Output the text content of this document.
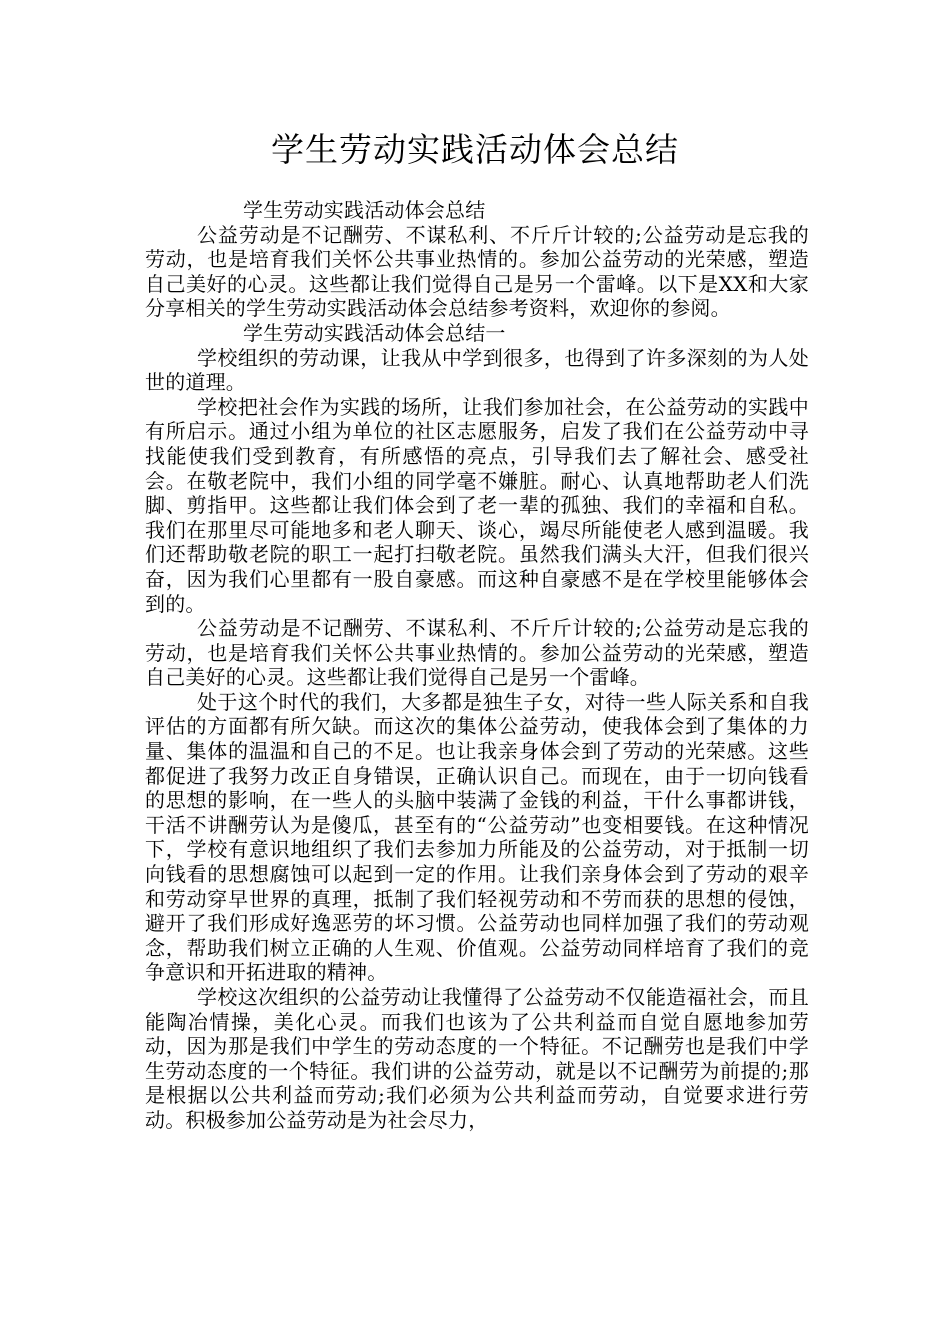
学生劳动实践活动体会总结
学生劳动实践活动体会总结

公益劳动是不记酬劳、不谋私利、不斤斤计较的;公益劳动是忘我的劳动，也是培育我们关怀公共事业热情的。参加公益劳动的光荣感，塑造自己美好的心灵。这些都让我们觉得自己是另一个雷峰。以下是XX和大家分享相关的学生劳动实践活动体会总结参考资料，欢迎你的参阅。

学生劳动实践活动体会总结一

学校组织的劳动课，让我从中学到很多，也得到了许多深刻的为人处世的道理。

学校把社会作为实践的场所，让我们参加社会，在公益劳动的实践中有所启示。通过小组为单位的社区志愿服务，启发了我们在公益劳动中寻找能使我们受到教育，有所感悟的亮点，引导我们去了解社会、感受社会。在敬老院中，我们小组的同学毫不嫌脏。耐心、认真地帮助老人们洗脚、剪指甲。这些都让我们体会到了老一辈的孤独、我们的幸福和自私。我们在那里尽可能地多和老人聊天、谈心，竭尽所能使老人感到温暖。我们还帮助敬老院的职工一起打扫敬老院。虽然我们满头大汗，但我们很兴奋，因为我们心里都有一股自豪感。而这种自豪感不是在学校里能够体会到的。

公益劳动是不记酬劳、不谋私利、不斤斤计较的;公益劳动是忘我的劳动，也是培育我们关怀公共事业热情的。参加公益劳动的光荣感，塑造自己美好的心灵。这些都让我们觉得自己是另一个雷峰。

处于这个时代的我们，大多都是独生子女，对待一些人际关系和自我评估的方面都有所欠缺。而这次的集体公益劳动，使我体会到了集体的力量、集体的温温和自己的不足。也让我亲身体会到了劳动的光荣感。这些都促进了我努力改正自身错误，正确认识自己。而现在，由于一切向钱看的思想的影响，在一些人的头脑中装满了金钱的利益，干什么事都讲钱，干活不讲酬劳认为是傻瓜，甚至有的“公益劳动”也变相要钱。在这种情况下，学校有意识地组织了我们去参加力所能及的公益劳动，对于抵制一切向钱看的思想腐蚀可以起到一定的作用。让我们亲身体会到了劳动的艰辛和劳动穿早世界的真理，抵制了我们轻视劳动和不劳而获的思想的侵蚀，避开了我们形成好逸恶劳的坏习惯。公益劳动也同样加强了我们的劳动观念，帮助我们树立正确的人生观、价值观。公益劳动同样培育了我们的竞争意识和开拓进取的精神。

学校这次组织的公益劳动让我懂得了公益劳动不仅能造福社会，而且能陶冶情操，美化心灵。而我们也该为了公共利益而自觉自愿地参加劳动，因为那是我们中学生的劳动态度的一个特征。不记酬劳也是我们中学生劳动态度的一个特征。我们讲的公益劳动，就是以不记酬劳为前提的;那是根据以公共利益而劳动;我们必须为公共利益而劳动，自觉要求进行劳动。积极参加公益劳动是为社会尽力，
